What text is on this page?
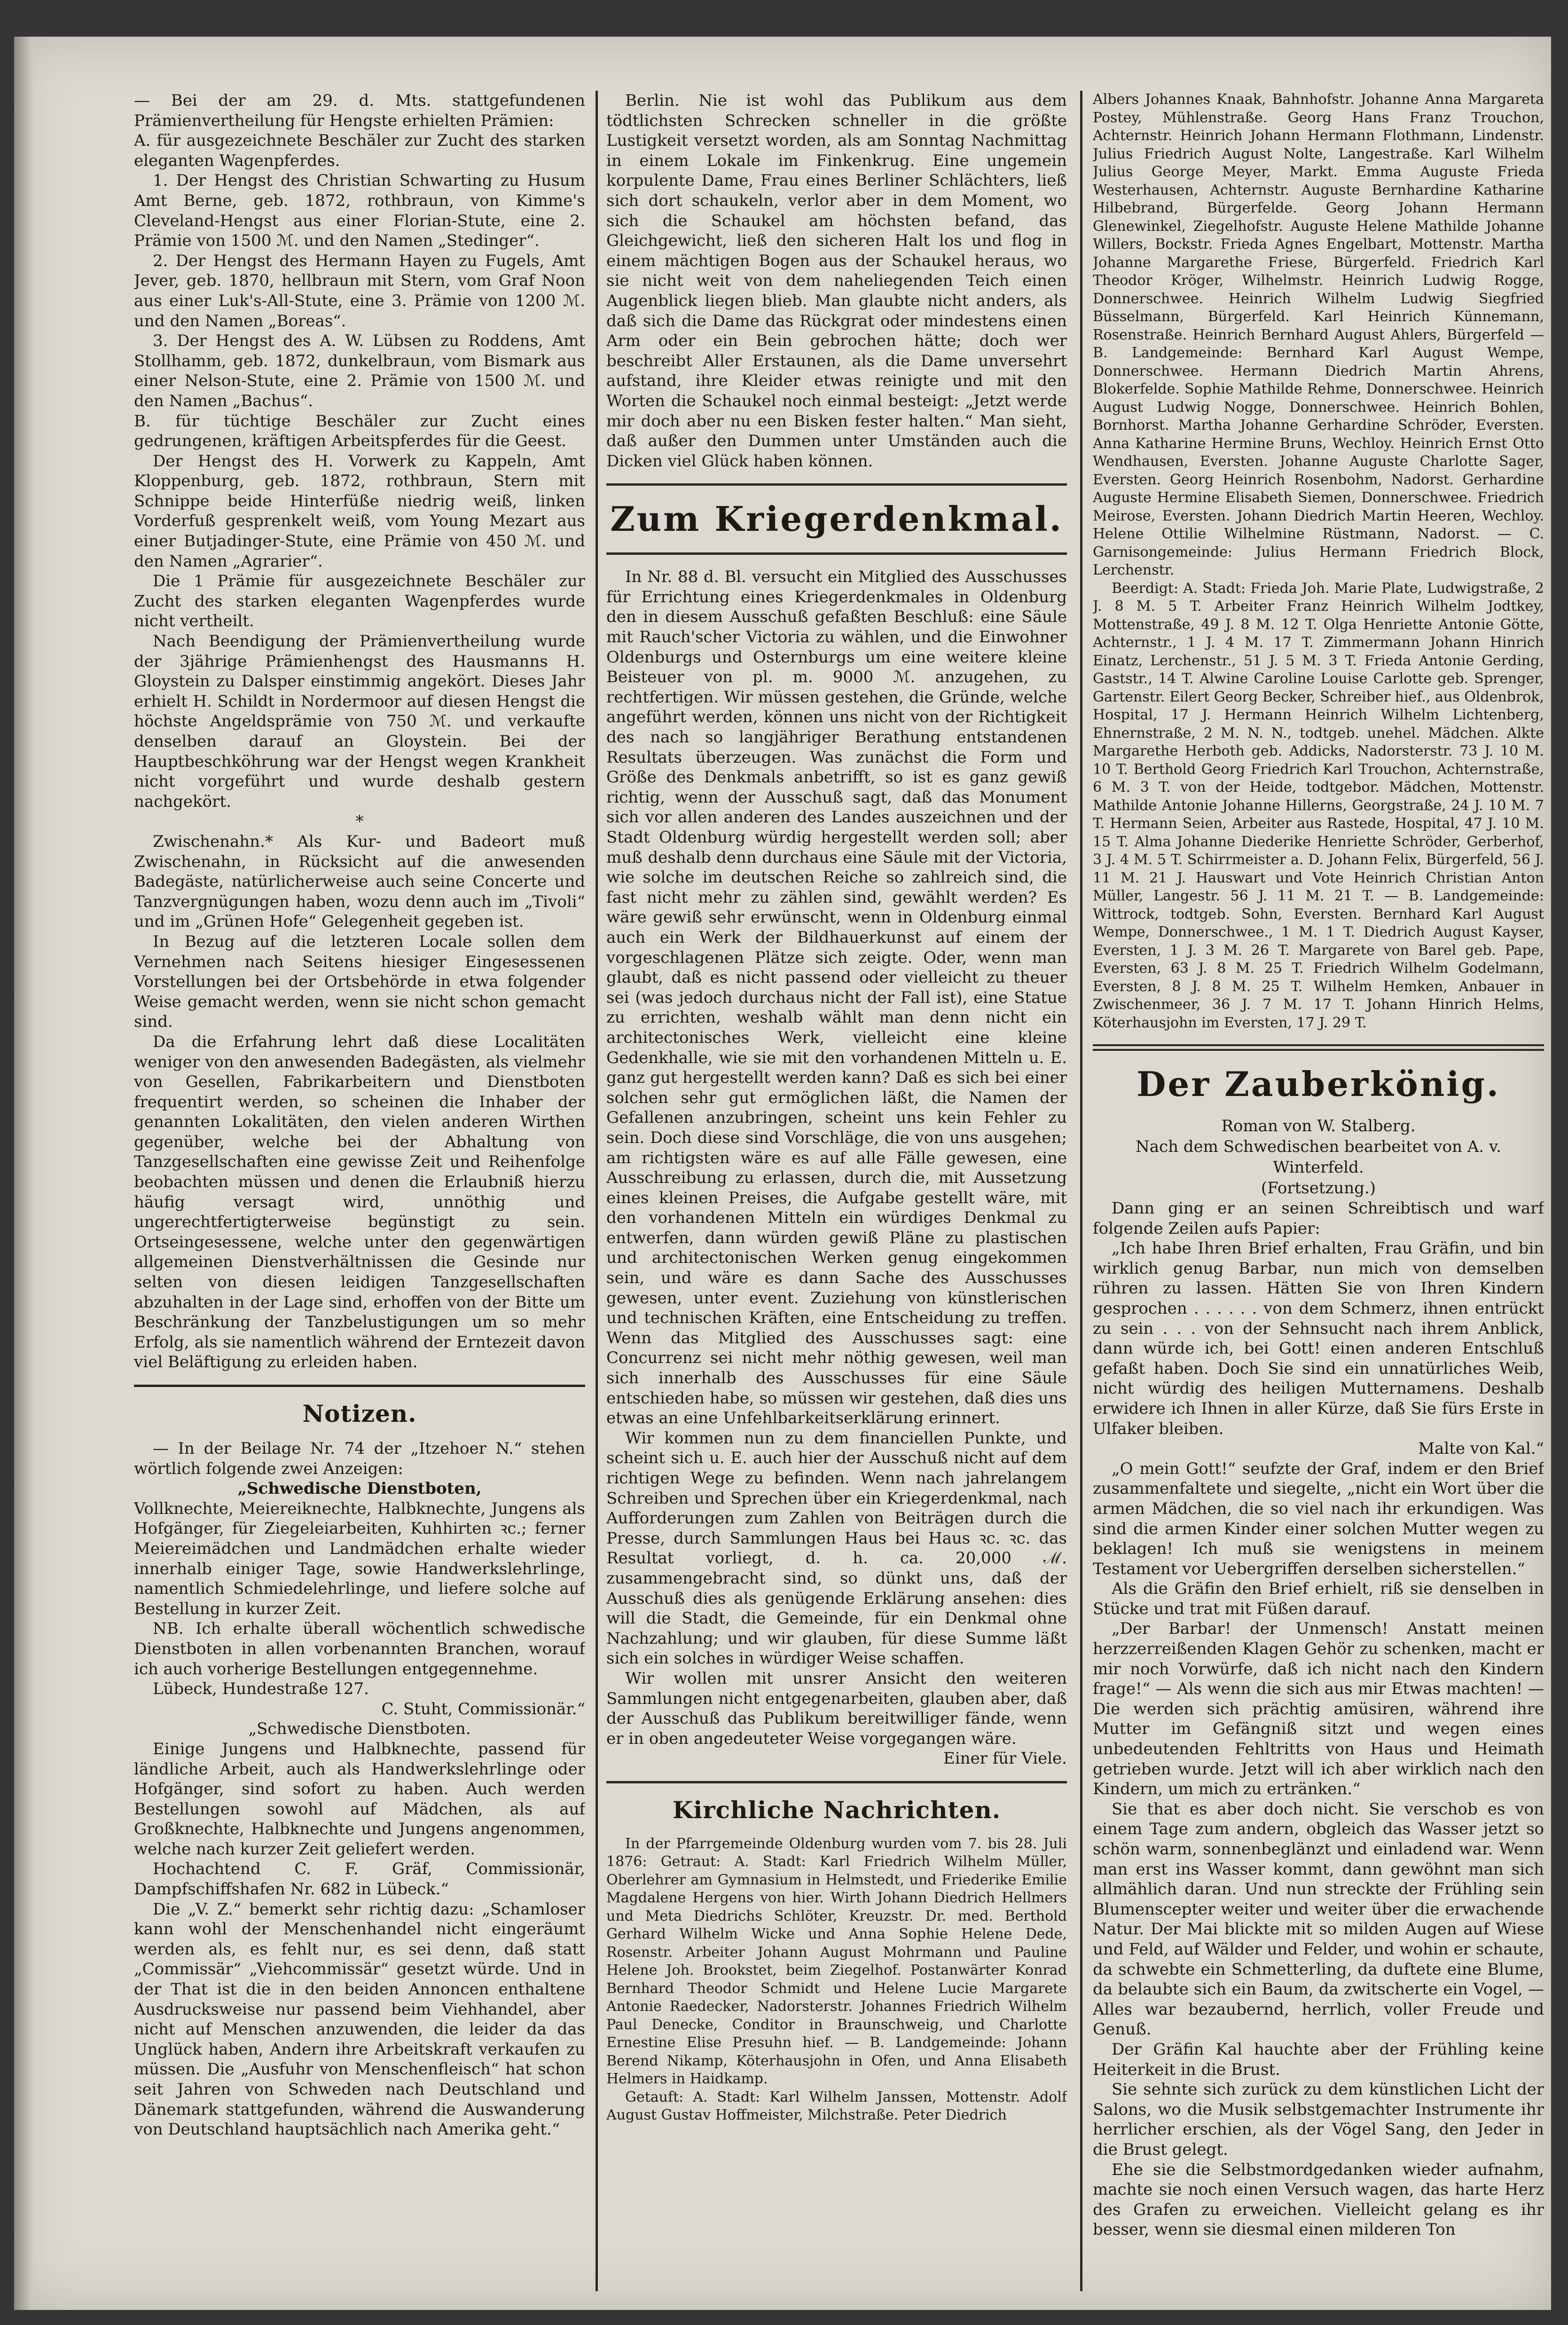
— Bei der am 29. d. Mts. stattgefundenen Prämienvertheilung für Hengste erhielten Prämien:

A. für ausgezeichnete Beschäler zur Zucht des starken eleganten Wagenpferdes.

1. Der Hengst des Christian Schwarting zu Husum Amt Berne, geb. 1872, rothbraun, von Kimme's Cleveland-Hengst aus einer Florian-Stute, eine 2. Prämie von 1500 ℳ. und den Namen „Stedinger“.

2. Der Hengst des Hermann Hayen zu Fugels, Amt Jever, geb. 1870, hellbraun mit Stern, vom Graf Noon aus einer Luk's-All-Stute, eine 3. Prämie von 1200 ℳ. und den Namen „Boreas“.

3. Der Hengst des A. W. Lübsen zu Roddens, Amt Stollhamm, geb. 1872, dunkelbraun, vom Bismark aus einer Nelson-Stute, eine 2. Prämie von 1500 ℳ. und den Namen „Bachus“.

B. für tüchtige Beschäler zur Zucht eines gedrungenen, kräftigen Arbeitspferdes für die Geest.

Der Hengst des H. Vorwerk zu Kappeln, Amt Kloppenburg, geb. 1872, rothbraun, Stern mit Schnippe beide Hinterfüße niedrig weiß, linken Vorderfuß gesprenkelt weiß, vom Young Mezart aus einer Butjadinger-Stute, eine Prämie von 450 ℳ. und den Namen „Agrarier“.

Die 1 Prämie für ausgezeichnete Beschäler zur Zucht des starken eleganten Wagenpferdes wurde nicht vertheilt.

Nach Beendigung der Prämienvertheilung wurde der 3jährige Prämienhengst des Hausmanns H. Gloystein zu Dalsper einstimmig angekört. Dieses Jahr erhielt H. Schildt in Nordermoor auf diesen Hengst die höchste Angeldsprämie von 750 ℳ. und verkaufte denselben darauf an Gloystein. Bei der Hauptbeschköhrung war der Hengst wegen Krankheit nicht vorgeführt und wurde deshalb gestern nachgekört.

*

Zwischenahn.* Als Kur- und Badeort muß Zwischenahn, in Rücksicht auf die anwesenden Badegäste, natürlicherweise auch seine Concerte und Tanzvergnügungen haben, wozu denn auch im „Tivoli“ und im „Grünen Hofe“ Gelegenheit gegeben ist.

In Bezug auf die letzteren Locale sollen dem Vernehmen nach Seitens hiesiger Eingesessenen Vorstellungen bei der Ortsbehörde in etwa folgender Weise gemacht werden, wenn sie nicht schon gemacht sind.

Da die Erfahrung lehrt daß diese Localitäten weniger von den anwesenden Badegästen, als vielmehr von Gesellen, Fabrikarbeitern und Dienstboten frequentirt werden, so scheinen die Inhaber der genannten Lokalitäten, den vielen anderen Wirthen gegenüber, welche bei der Abhaltung von Tanzgesellschaften eine gewisse Zeit und Reihenfolge beobachten müssen und denen die Erlaubniß hierzu häufig versagt wird, unnöthig und ungerechtfertigterweise begünstigt zu sein. Ortseingesessene, welche unter den gegenwärtigen allgemeinen Dienstverhältnissen die Gesinde nur selten von diesen leidigen Tanzgesellschaften abzuhalten in der Lage sind, erhoffen von der Bitte um Beschränkung der Tanzbelustigungen um so mehr Erfolg, als sie namentlich während der Erntezeit davon viel Beläftigung zu erleiden haben.

Notizen.

— In der Beilage Nr. 74 der „Itzehoer N.“ stehen wörtlich folgende zwei Anzeigen:

„Schwedische Dienstboten,

Vollknechte, Meiereiknechte, Halbknechte, Jungens als Hofgänger, für Ziegeleiarbeiten, Kuhhirten ꝛc.; ferner Meiereimädchen und Landmädchen erhalte wieder innerhalb einiger Tage, sowie Handwerkslehrlinge, namentlich Schmiedelehrlinge, und liefere solche auf Bestellung in kurzer Zeit.

NB. Ich erhalte überall wöchentlich schwedische Dienstboten in allen vorbenannten Branchen, worauf ich auch vorherige Bestellungen entgegennehme.

Lübeck, Hundestraße 127.

C. Stuht, Commissionär.“

„Schwedische Dienstboten.

Einige Jungens und Halbknechte, passend für ländliche Arbeit, auch als Handwerkslehrlinge oder Hofgänger, sind sofort zu haben. Auch werden Bestellungen sowohl auf Mädchen, als auf Großknechte, Halbknechte und Jungens angenommen, welche nach kurzer Zeit geliefert werden.

Hochachtend C. F. Gräf, Commissionär, Dampfschiffshafen Nr. 682 in Lübeck.“

Die „V. Z.“ bemerkt sehr richtig dazu: „Schamloser kann wohl der Menschenhandel nicht eingeräumt werden als, es fehlt nur, es sei denn, daß statt „Commissär“ „Viehcommissär“ gesetzt würde. Und in der That ist die in den beiden Annoncen enthaltene Ausdrucksweise nur passend beim Viehhandel, aber nicht auf Menschen anzuwenden, die leider da das Unglück haben, Andern ihre Arbeitskraft verkaufen zu müssen. Die „Ausfuhr von Menschenfleisch“ hat schon seit Jahren von Schweden nach Deutschland und Dänemark stattgefunden, während die Auswanderung von Deutschland hauptsächlich nach Amerika geht.“

Berlin. Nie ist wohl das Publikum aus dem tödtlichsten Schrecken schneller in die größte Lustigkeit versetzt worden, als am Sonntag Nachmittag in einem Lokale im Finkenkrug. Eine ungemein korpulente Dame, Frau eines Berliner Schlächters, ließ sich dort schaukeln, verlor aber in dem Moment, wo sich die Schaukel am höchsten befand, das Gleichgewicht, ließ den sicheren Halt los und flog in einem mächtigen Bogen aus der Schaukel heraus, wo sie nicht weit von dem naheliegenden Teich einen Augenblick liegen blieb. Man glaubte nicht anders, als daß sich die Dame das Rückgrat oder mindestens einen Arm oder ein Bein gebrochen hätte; doch wer beschreibt Aller Erstaunen, als die Dame unversehrt aufstand, ihre Kleider etwas reinigte und mit den Worten die Schaukel noch einmal besteigt: „Jetzt werde mir doch aber nu een Bisken fester halten.“ Man sieht, daß außer den Dummen unter Umständen auch die Dicken viel Glück haben können.

Zum Kriegerdenkmal.

In Nr. 88 d. Bl. versucht ein Mitglied des Ausschusses für Errichtung eines Kriegerdenkmales in Oldenburg den in diesem Ausschuß gefaßten Beschluß: eine Säule mit Rauch'scher Victoria zu wählen, und die Einwohner Oldenburgs und Osternburgs um eine weitere kleine Beisteuer von pl. m. 9000 ℳ. anzugehen, zu rechtfertigen. Wir müssen gestehen, die Gründe, welche angeführt werden, können uns nicht von der Richtigkeit des nach so langjähriger Berathung entstandenen Resultats überzeugen. Was zunächst die Form und Größe des Denkmals anbetrifft, so ist es ganz gewiß richtig, wenn der Ausschuß sagt, daß das Monument sich vor allen anderen des Landes auszeichnen und der Stadt Oldenburg würdig hergestellt werden soll; aber muß deshalb denn durchaus eine Säule mit der Victoria, wie solche im deutschen Reiche so zahlreich sind, die fast nicht mehr zu zählen sind, gewählt werden? Es wäre gewiß sehr erwünscht, wenn in Oldenburg einmal auch ein Werk der Bildhauerkunst auf einem der vorgeschlagenen Plätze sich zeigte. Oder, wenn man glaubt, daß es nicht passend oder vielleicht zu theuer sei (was jedoch durchaus nicht der Fall ist), eine Statue zu errichten, weshalb wählt man denn nicht ein architectonisches Werk, vielleicht eine kleine Gedenkhalle, wie sie mit den vorhandenen Mitteln u. E. ganz gut hergestellt werden kann? Daß es sich bei einer solchen sehr gut ermöglichen läßt, die Namen der Gefallenen anzubringen, scheint uns kein Fehler zu sein. Doch diese sind Vorschläge, die von uns ausgehen; am richtigsten wäre es auf alle Fälle gewesen, eine Ausschreibung zu erlassen, durch die, mit Aussetzung eines kleinen Preises, die Aufgabe gestellt wäre, mit den vorhandenen Mitteln ein würdiges Denkmal zu entwerfen, dann würden gewiß Pläne zu plastischen und architectonischen Werken genug eingekommen sein, und wäre es dann Sache des Ausschusses gewesen, unter event. Zuziehung von künstlerischen und technischen Kräften, eine Entscheidung zu treffen. Wenn das Mitglied des Ausschusses sagt: eine Concurrenz sei nicht mehr nöthig gewesen, weil man sich innerhalb des Ausschusses für eine Säule entschieden habe, so müssen wir gestehen, daß dies uns etwas an eine Unfehlbarkeitserklärung erinnert.

Wir kommen nun zu dem financiellen Punkte, und scheint sich u. E. auch hier der Ausschuß nicht auf dem richtigen Wege zu befinden. Wenn nach jahrelangem Schreiben und Sprechen über ein Kriegerdenkmal, nach Aufforderungen zum Zahlen von Beiträgen durch die Presse, durch Sammlungen Haus bei Haus ꝛc. ꝛc. das Resultat vorliegt, d. h. ca. 20,000 ℳ. zusammengebracht sind, so dünkt uns, daß der Ausschuß dies als genügende Erklärung ansehen: dies will die Stadt, die Gemeinde, für ein Denkmal ohne Nachzahlung; und wir glauben, für diese Summe läßt sich ein solches in würdiger Weise schaffen.

Wir wollen mit unsrer Ansicht den weiteren Sammlungen nicht entgegenarbeiten, glauben aber, daß der Ausschuß das Publikum bereitwilliger fände, wenn er in oben angedeuteter Weise vorgegangen wäre.

Einer für Viele.

Kirchliche Nachrichten.

In der Pfarrgemeinde Oldenburg wurden vom 7. bis 28. Juli 1876: Getraut: A. Stadt: Karl Friedrich Wilhelm Müller, Oberlehrer am Gymnasium in Helmstedt, und Friederike Emilie Magdalene Hergens von hier. Wirth Johann Diedrich Hellmers und Meta Diedrichs Schlöter, Kreuzstr. Dr. med. Berthold Gerhard Wilhelm Wicke und Anna Sophie Helene Dede, Rosenstr. Arbeiter Johann August Mohrmann und Pauline Helene Joh. Brookstet, beim Ziegelhof. Postanwärter Konrad Bernhard Theodor Schmidt und Helene Lucie Margarete Antonie Raedecker, Nadorsterstr. Johannes Friedrich Wilhelm Paul Denecke, Conditor in Braunschweig, und Charlotte Ernestine Elise Presuhn hief. — B. Landgemeinde: Johann Berend Nikamp, Köterhausjohn in Ofen, und Anna Elisabeth Helmers in Haidkamp.

Getauft: A. Stadt: Karl Wilhelm Janssen, Mottenstr. Adolf August Gustav Hoffmeister, Milchstraße. Peter Diedrich

Albers Johannes Knaak, Bahnhofstr. Johanne Anna Margareta Postey, Mühlenstraße. Georg Hans Franz Trouchon, Achternstr. Heinrich Johann Hermann Flothmann, Lindenstr. Julius Friedrich August Nolte, Langestraße. Karl Wilhelm Julius George Meyer, Markt. Emma Auguste Frieda Westerhausen, Achternstr. Auguste Bernhardine Katharine Hilbebrand, Bürgerfelde. Georg Johann Hermann Glenewinkel, Ziegelhofstr. Auguste Helene Mathilde Johanne Willers, Bockstr. Frieda Agnes Engelbart, Mottenstr. Martha Johanne Margarethe Friese, Bürgerfeld. Friedrich Karl Theodor Kröger, Wilhelmstr. Heinrich Ludwig Rogge, Donnerschwee. Heinrich Wilhelm Ludwig Siegfried Büsselmann, Bürgerfeld. Karl Heinrich Künnemann, Rosenstraße. Heinrich Bernhard August Ahlers, Bürgerfeld — B. Landgemeinde: Bernhard Karl August Wempe, Donnerschwee. Hermann Diedrich Martin Ahrens, Blokerfelde. Sophie Mathilde Rehme, Donnerschwee. Heinrich August Ludwig Nogge, Donnerschwee. Heinrich Bohlen, Bornhorst. Martha Johanne Gerhardine Schröder, Eversten. Anna Katharine Hermine Bruns, Wechloy. Heinrich Ernst Otto Wendhausen, Eversten. Johanne Auguste Charlotte Sager, Eversten. Georg Heinrich Rosenbohm, Nadorst. Gerhardine Auguste Hermine Elisabeth Siemen, Donnerschwee. Friedrich Meirose, Eversten. Johann Diedrich Martin Heeren, Wechloy. Helene Ottilie Wilhelmine Rüstmann, Nadorst. — C. Garnisongemeinde: Julius Hermann Friedrich Block, Lerchenstr.

Beerdigt: A. Stadt: Frieda Joh. Marie Plate, Ludwigstraße, 2 J. 8 M. 5 T. Arbeiter Franz Heinrich Wilhelm Jodtkey, Mottenstraße, 49 J. 8 M. 12 T. Olga Henriette Antonie Götte, Achternstr., 1 J. 4 M. 17 T. Zimmermann Johann Hinrich Einatz, Lerchenstr., 51 J. 5 M. 3 T. Frieda Antonie Gerding, Gaststr., 14 T. Alwine Caroline Louise Carlotte geb. Sprenger, Gartenstr. Eilert Georg Becker, Schreiber hief., aus Oldenbrok, Hospital, 17 J. Hermann Heinrich Wilhelm Lichtenberg, Ehnernstraße, 2 M. N. N., todtgeb. unehel. Mädchen. Alkte Margarethe Herboth geb. Addicks, Nadorsterstr. 73 J. 10 M. 10 T. Berthold Georg Friedrich Karl Trouchon, Achternstraße, 6 M. 3 T. von der Heide, todtgebor. Mädchen, Mottenstr. Mathilde Antonie Johanne Hillerns, Georgstraße, 24 J. 10 M. 7 T. Hermann Seien, Arbeiter aus Rastede, Hospital, 47 J. 10 M. 15 T. Alma Johanne Diederike Henriette Schröder, Gerberhof, 3 J. 4 M. 5 T. Schirrmeister a. D. Johann Felix, Bürgerfeld, 56 J. 11 M. 21 J. Hauswart und Vote Heinrich Christian Anton Müller, Langestr. 56 J. 11 M. 21 T. — B. Landgemeinde: Wittrock, todtgeb. Sohn, Eversten. Bernhard Karl August Wempe, Donnerschwee., 1 M. 1 T. Diedrich August Kayser, Eversten, 1 J. 3 M. 26 T. Margarete von Barel geb. Pape, Eversten, 63 J. 8 M. 25 T. Friedrich Wilhelm Godelmann, Eversten, 8 J. 8 M. 25 T. Wilhelm Hemken, Anbauer in Zwischenmeer, 36 J. 7 M. 17 T. Johann Hinrich Helms, Köterhausjohn im Eversten, 17 J. 29 T.

Der Zauberkönig.
Roman von W. Stalberg.
Nach dem Schwedischen bearbeitet von A. v. Winterfeld.
(Fortsetzung.)

Dann ging er an seinen Schreibtisch und warf folgende Zeilen aufs Papier:

„Ich habe Ihren Brief erhalten, Frau Gräfin, und bin wirklich genug Barbar, nun mich von demselben rühren zu lassen. Hätten Sie von Ihren Kindern gesprochen . . . . . . von dem Schmerz, ihnen entrückt zu sein . . . von der Sehnsucht nach ihrem Anblick, dann würde ich, bei Gott! einen anderen Entschluß gefaßt haben. Doch Sie sind ein unnatürliches Weib, nicht würdig des heiligen Mutternamens. Deshalb erwidere ich Ihnen in aller Kürze, daß Sie fürs Erste in Ulfaker bleiben.

Malte von Kal.“

„O mein Gott!“ seufzte der Graf, indem er den Brief zusammenfaltete und siegelte, „nicht ein Wort über die armen Mädchen, die so viel nach ihr erkundigen. Was sind die armen Kinder einer solchen Mutter wegen zu beklagen! Ich muß sie wenigstens in meinem Testament vor Uebergriffen derselben sicherstellen.“

Als die Gräfin den Brief erhielt, riß sie denselben in Stücke und trat mit Füßen darauf.

„Der Barbar! der Unmensch! Anstatt meinen herzzerreißenden Klagen Gehör zu schenken, macht er mir noch Vorwürfe, daß ich nicht nach den Kindern frage!“ — Als wenn die sich aus mir Etwas machten! — Die werden sich prächtig amüsiren, während ihre Mutter im Gefängniß sitzt und wegen eines unbedeutenden Fehltritts von Haus und Heimath getrieben wurde. Jetzt will ich aber wirklich nach den Kindern, um mich zu ertränken.“

Sie that es aber doch nicht. Sie verschob es von einem Tage zum andern, obgleich das Wasser jetzt so schön warm, sonnenbeglänzt und einladend war. Wenn man erst ins Wasser kommt, dann gewöhnt man sich allmählich daran. Und nun streckte der Frühling sein Blumenscepter weiter und weiter über die erwachende Natur. Der Mai blickte mit so milden Augen auf Wiese und Feld, auf Wälder und Felder, und wohin er schaute, da schwebte ein Schmetterling, da duftete eine Blume, da belaubte sich ein Baum, da zwitscherte ein Vogel, — Alles war bezaubernd, herrlich, voller Freude und Genuß.

Der Gräfin Kal hauchte aber der Frühling keine Heiterkeit in die Brust.

Sie sehnte sich zurück zu dem künstlichen Licht der Salons, wo die Musik selbstgemachter Instrumente ihr herrlicher erschien, als der Vögel Sang, den Jeder in die Brust gelegt.

Ehe sie die Selbstmordgedanken wieder aufnahm, machte sie noch einen Versuch wagen, das harte Herz des Grafen zu erweichen. Vielleicht gelang es ihr besser, wenn sie diesmal einen milderen Ton
